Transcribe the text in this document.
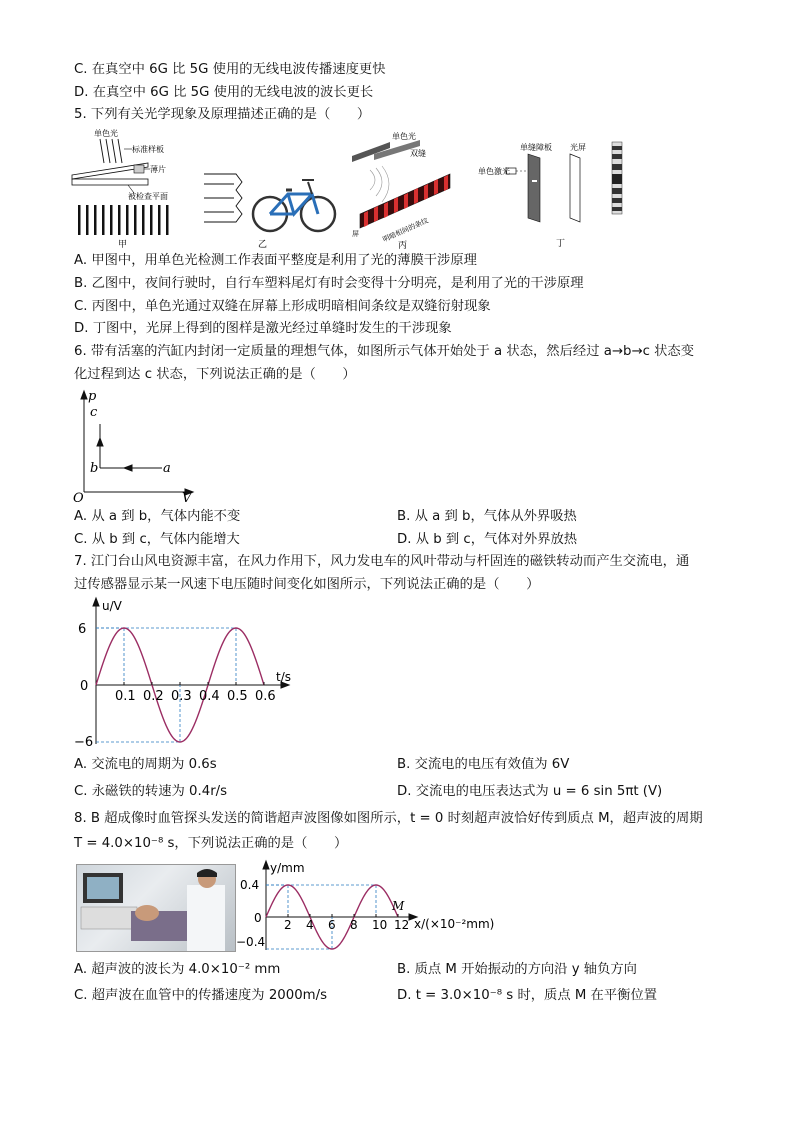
C. 在真空中 6G 比 5G 使用的无线电波传播速度更快
D. 在真空中 6G 比 5G 使用的无线电波的波长更长
5. 下列有关光学现象及原理描述正确的是（　　）
单色光
标准样板
薄片
被检查平面
甲	乙
单色光
双缝
屏	明暗相间的条纹
丙
单色激光
单缝障板 光屏
丁
A. 甲图中，用单色光检测工作表面平整度是利用了光的薄膜干涉原理
B. 乙图中，夜间行驶时，自行车塑料尾灯有时会变得十分明亮，是利用了光的干涉原理
C. 丙图中，单色光通过双缝在屏幕上形成明暗相间条纹是双缝衍射现象
D. 丁图中，光屏上得到的图样是激光经过单缝时发生的干涉现象
6. 带有活塞的汽缸内封闭一定质量的理想气体，如图所示气体开始处于 a 状态，然后经过 a→b→c 状态变
化过程到达 c 状态，下列说法正确的是（　　）
p
V
O
a
b
c
A. 从 a 到 b，气体内能不变	B. 从 a 到 b，气体从外界吸热
C. 从 b 到 c，气体内能增大	D. 从 b 到 c，气体对外界放热
7. 江门台山风电资源丰富，在风力作用下，风力发电车的风叶带动与杆固连的磁铁转动而产生交流电，通
过传感器显示某一风速下电压随时间变化如图所示，下列说法正确的是（　　）
u/V
t/s
6
0
−6
0.1 0.2 0.3 0.4 0.5 0.6
A. 交流电的周期为 0.6s	B. 交流电的电压有效值为 6V
C. 永磁铁的转速为 0.4r/s	D. 交流电的电压表达式为 u = 6 sin 5πt (V)
8. B 超成像时血管探头发送的简谐超声波图像如图所示，t = 0 时刻超声波恰好传到质点 M，超声波的周期
T = 4.0×10⁻⁸ s，下列说法正确的是（　　）
y/mm
x/(×10⁻²mm)
0.4
0
−0.4
M
2 4 6 8 10 12
A. 超声波的波长为 4.0×10⁻² mm	B. 质点 M 开始振动的方向沿 y 轴负方向
C. 超声波在血管中的传播速度为 2000m/s	D. t = 3.0×10⁻⁸ s 时，质点 M 在平衡位置
